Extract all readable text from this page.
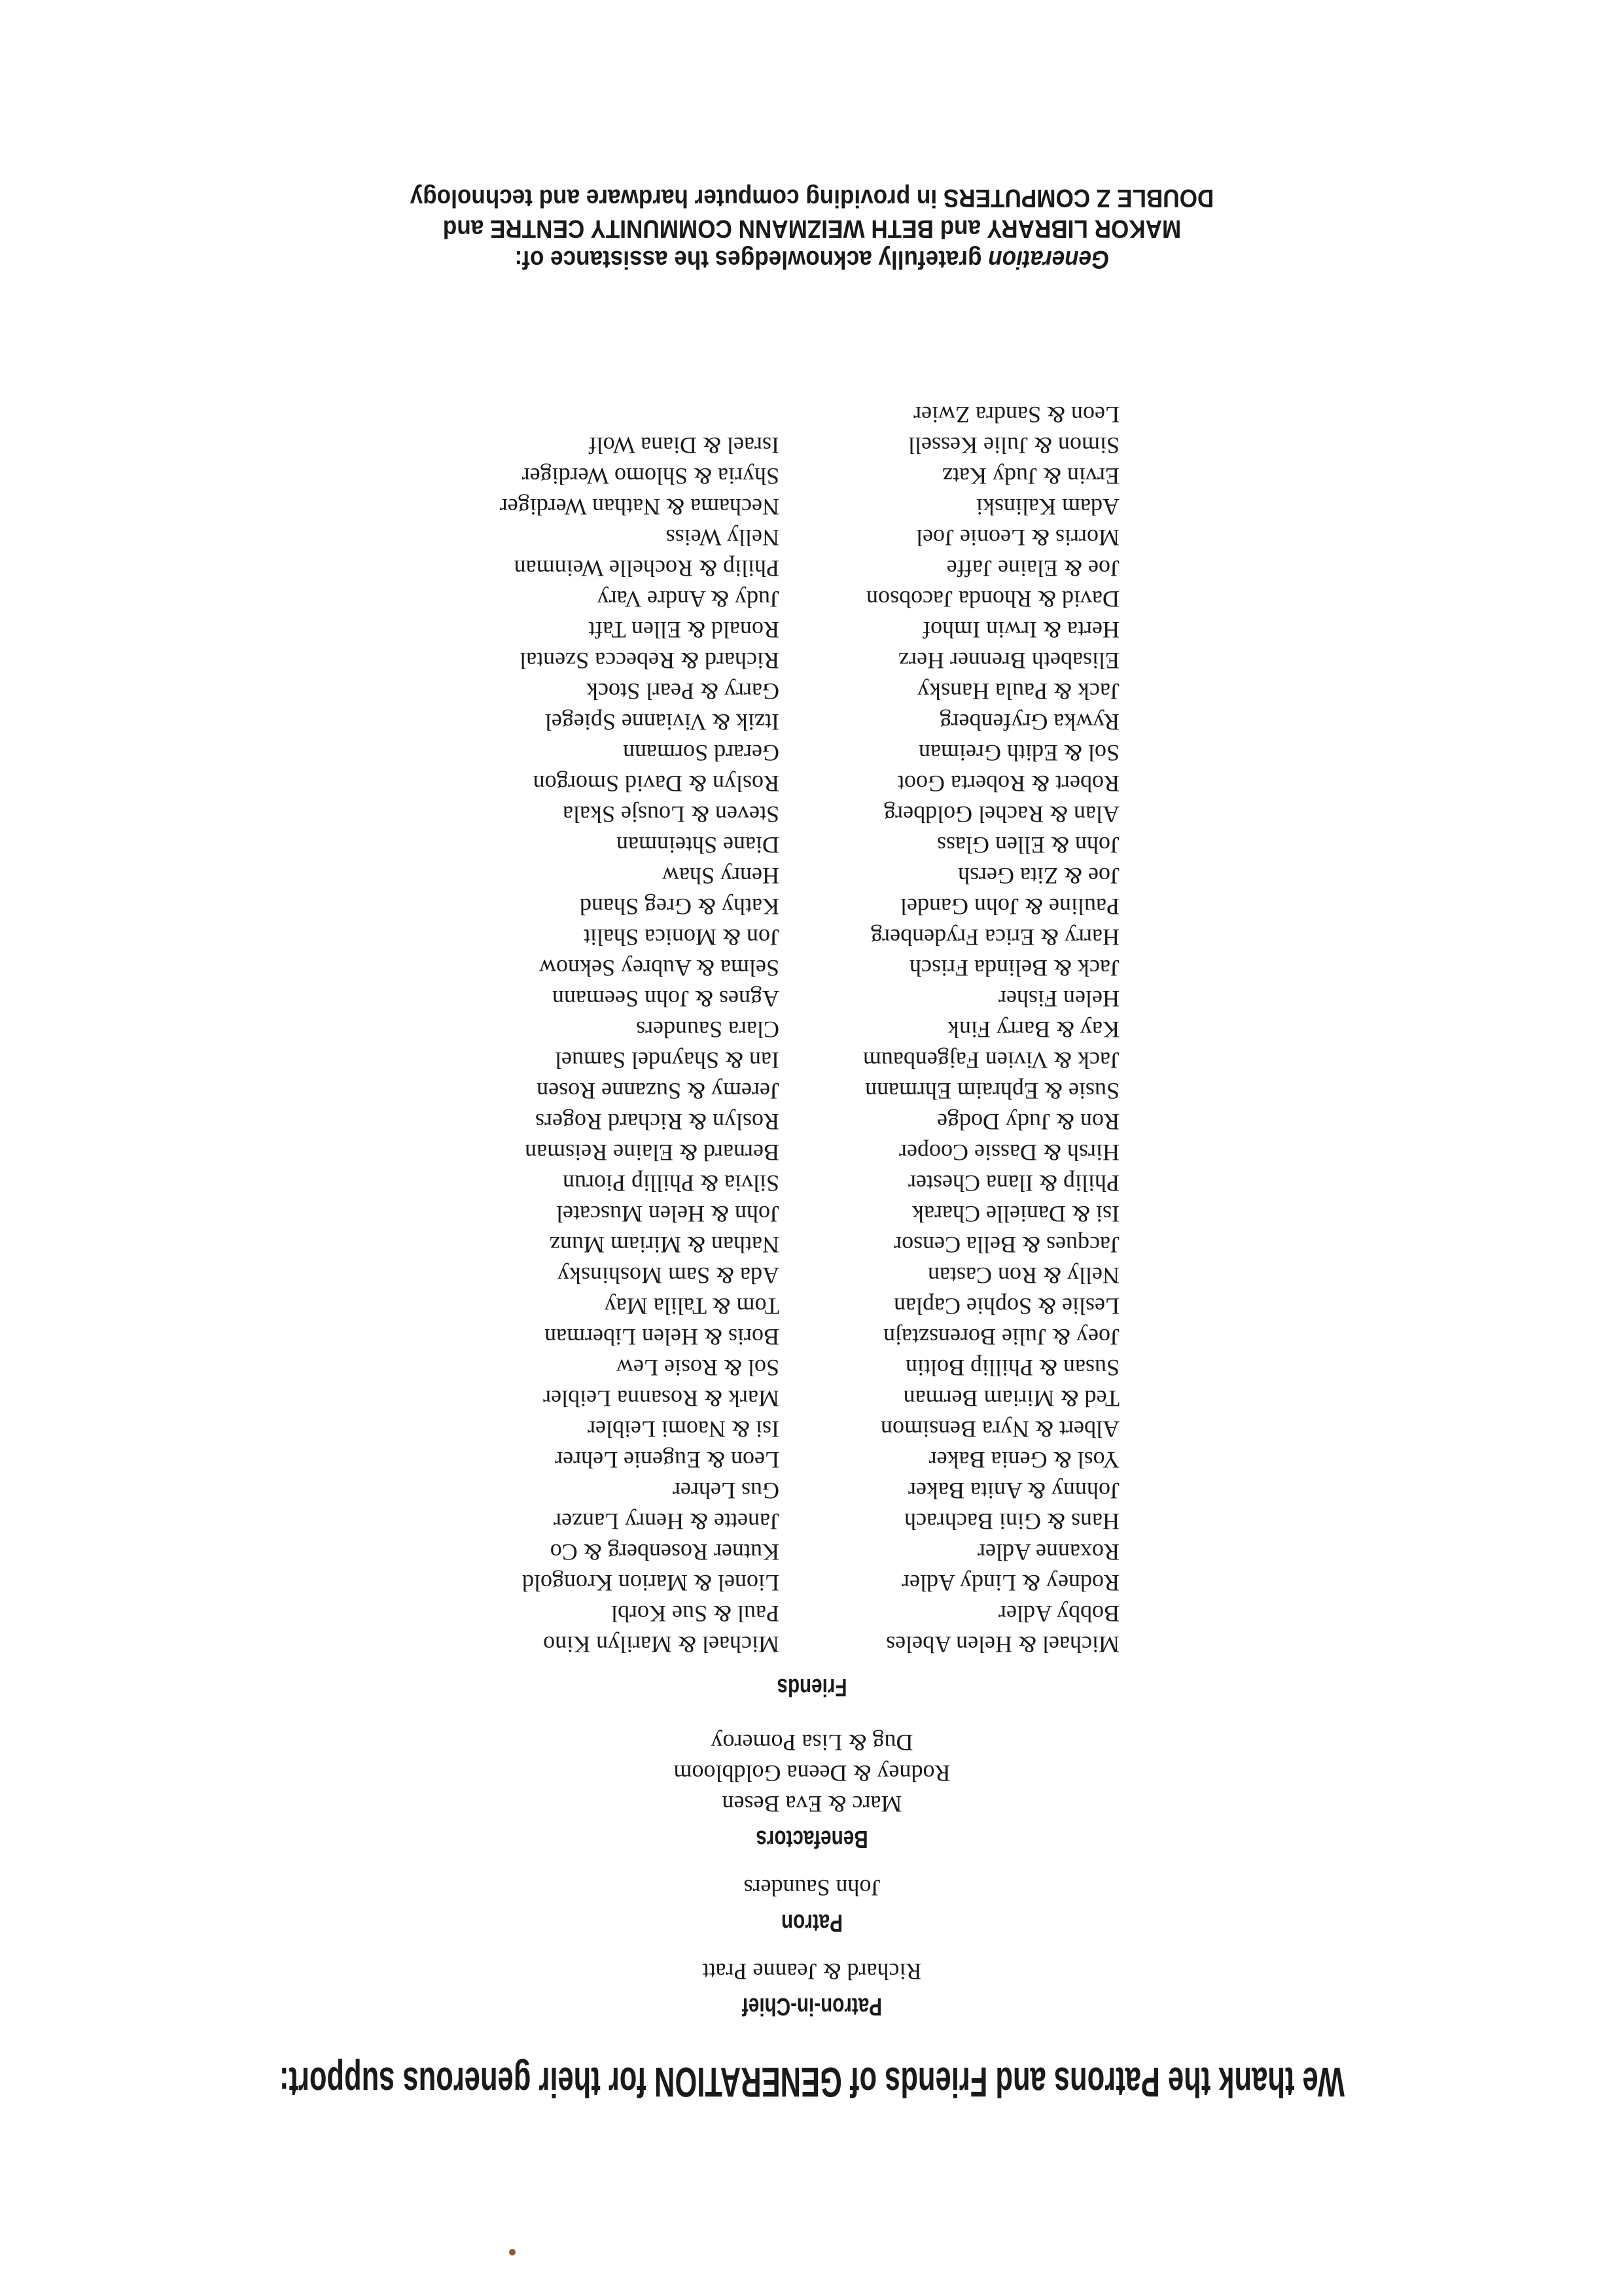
We thank the Patrons and Friends of GENERATION for their generous support:
Patron-in-Chief
Richard & Jeanne Pratt
Patron
John Saunders
Benefactors
Marc & Eva Besen
Rodney & Deena Goldbloom
Dug & Lisa Pomeroy
Friends
Michael & Helen Abeles
Bobby Adler
Rodney & Lindy Adler
Roxanne Adler
Hans & Gini Bachrach
Johnny & Anita Baker
Yosl & Genia Baker
Albert & Nyra Bensimon
Ted & Miriam Berman
Susan & Phillip Boltin
Joey & Julie Borensztajn
Leslie & Sophie Caplan
Nelly & Ron Castan
Jacques & Bella Censor
Isi & Danielle Charak
Philip & Ilana Chester
Hirsh & Dassie Cooper
Ron & Judy Dodge
Susie & Ephraim Ehrmann
Jack & Vivien Fajgenbaum
Kay & Barry Fink
Helen Fisher
Jack & Belinda Frisch
Harry & Erica Frydenberg
Pauline & John Gandel
Joe & Zita Gersh
John & Ellen Glass
Alan & Rachel Goldberg
Robert & Roberta Goot
Sol & Edith Greiman
Rywka Gryfenberg
Jack & Paula Hansky
Elisabeth Brenner Herz
Herta & Irwin Imhof
David & Rhonda Jacobson
Joe & Elaine Jaffe
Morris & Leonie Joel
Adam Kalinski
Ervin & Judy Katz
Simon & Julie Kessell
Leon & Sandra Zwier
Michael & Marilyn Kino
Paul & Sue Korbl
Lionel & Marion Krongold
Kutner Rosenberg & Co
Janette & Henry Lanzer
Gus Lehrer
Leon & Eugenie Lehrer
Isi & Naomi Leibler
Mark & Rosanna Leibler
Sol & Rosie Lew
Boris & Helen Liberman
Tom & Talila May
Ada & Sam Moshinsky
Nathan & Miriam Munz
John & Helen Muscatel
Silvia & Phillip Piorun
Bernard & Elaine Reisman
Roslyn & Richard Rogers
Jeremy & Suzanne Rosen
Ian & Shayndel Samuel
Clara Saunders
Agnes & John Seemann
Selma & Aubrey Seknow
Jon & Monica Shalit
Kathy & Greg Shand
Henry Shaw
Diane Shteinman
Steven & Lousje Skala
Roslyn & David Smorgon
Gerard Sormann
Itzik & Vivianne Spiegel
Garry & Pearl Stock
Richard & Rebecca Szental
Ronald & Ellen Taft
Judy & Andre Vary
Philip & Rochelle Weinman
Nelly Weiss
Nechama & Nathan Werdiger
Shyria & Shlomo Werdiger
Israel & Diana Wolf
Generation gratefully acknowledges the assistance of:
MAKOR LIBRARY and BETH WEIZMANN COMMUNITY CENTRE and
DOUBLE Z COMPUTERS in providing computer hardware and technology
